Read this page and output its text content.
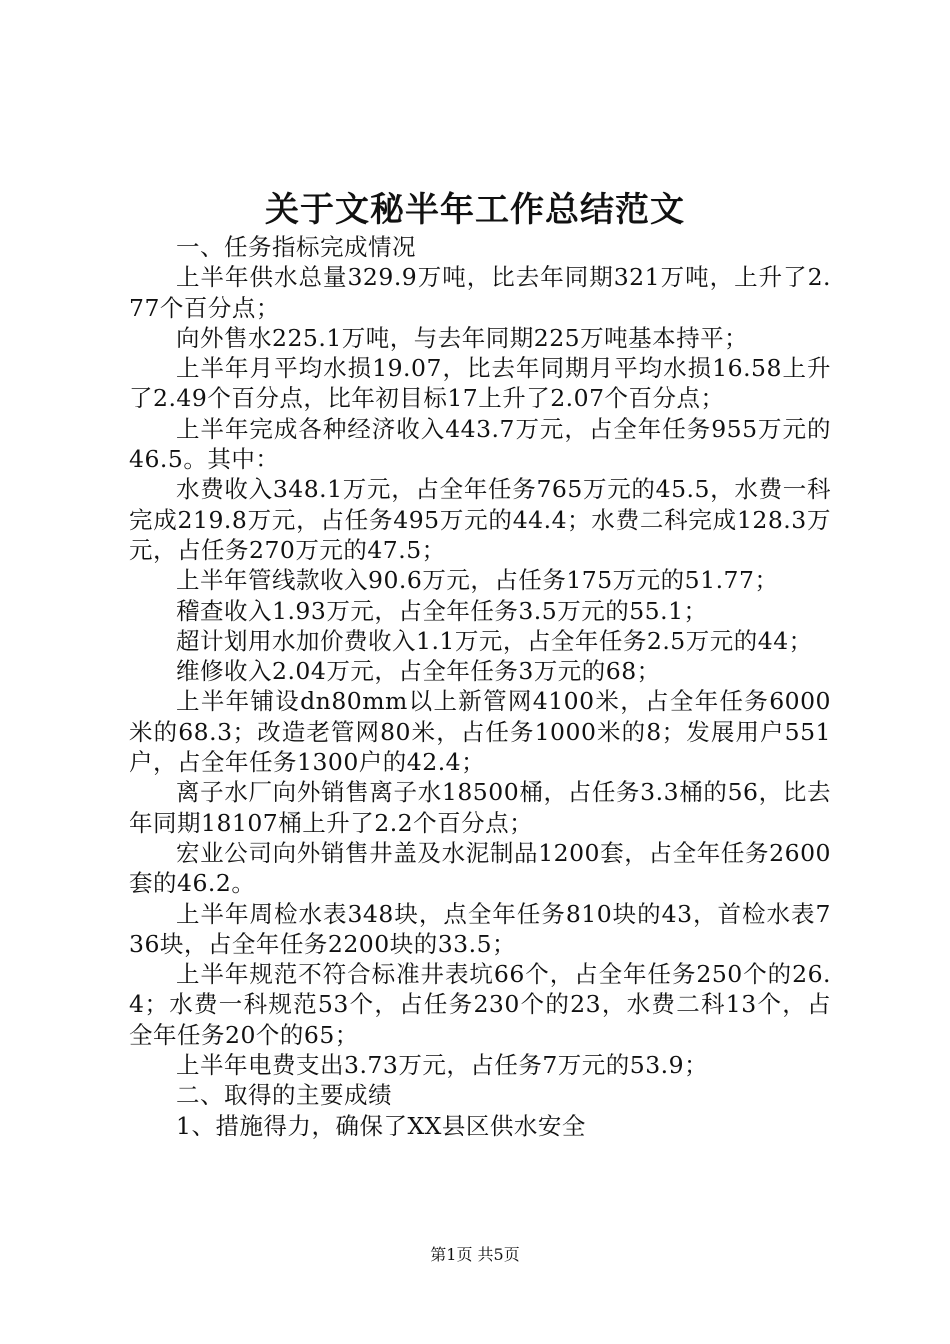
关于文秘半年工作总结范文

一、任务指标完成情况

上半年供水总量329.9万吨，比去年同期321万吨，上升了2.77个百分点；

向外售水225.1万吨，与去年同期225万吨基本持平；

上半年月平均水损19.07，比去年同期月平均水损16.58上升了2.49个百分点，比年初目标17上升了2.07个百分点；

上半年完成各种经济收入443.7万元，占全年任务955万元的46.5。其中：

水费收入348.1万元，占全年任务765万元的45.5，水费一科完成219.8万元，占任务495万元的44.4；水费二科完成128.3万元，占任务270万元的47.5；

上半年管线款收入90.6万元，占任务175万元的51.77；

稽查收入1.93万元，占全年任务3.5万元的55.1；

超计划用水加价费收入1.1万元，占全年任务2.5万元的44；

维修收入2.04万元，占全年任务3万元的68；

上半年铺设dn80mm以上新管网4100米，占全年任务6000米的68.3；改造老管网80米，占任务1000米的8；发展用户551户，占全年任务1300户的42.4；

离子水厂向外销售离子水18500桶，占任务3.3桶的56，比去年同期18107桶上升了2.2个百分点；

宏业公司向外销售井盖及水泥制品1200套，占全年任务2600套的46.2。

上半年周检水表348块，点全年任务810块的43，首检水表736块，占全年任务2200块的33.5；

上半年规范不符合标准井表坑66个，占全年任务250个的26.4；水费一科规范53个，占任务230个的23，水费二科13个，占全年任务20个的65；

上半年电费支出3.73万元，占任务7万元的53.9；

二、取得的主要成绩

1、措施得力，确保了XX县区供水安全

第1页 共5页
